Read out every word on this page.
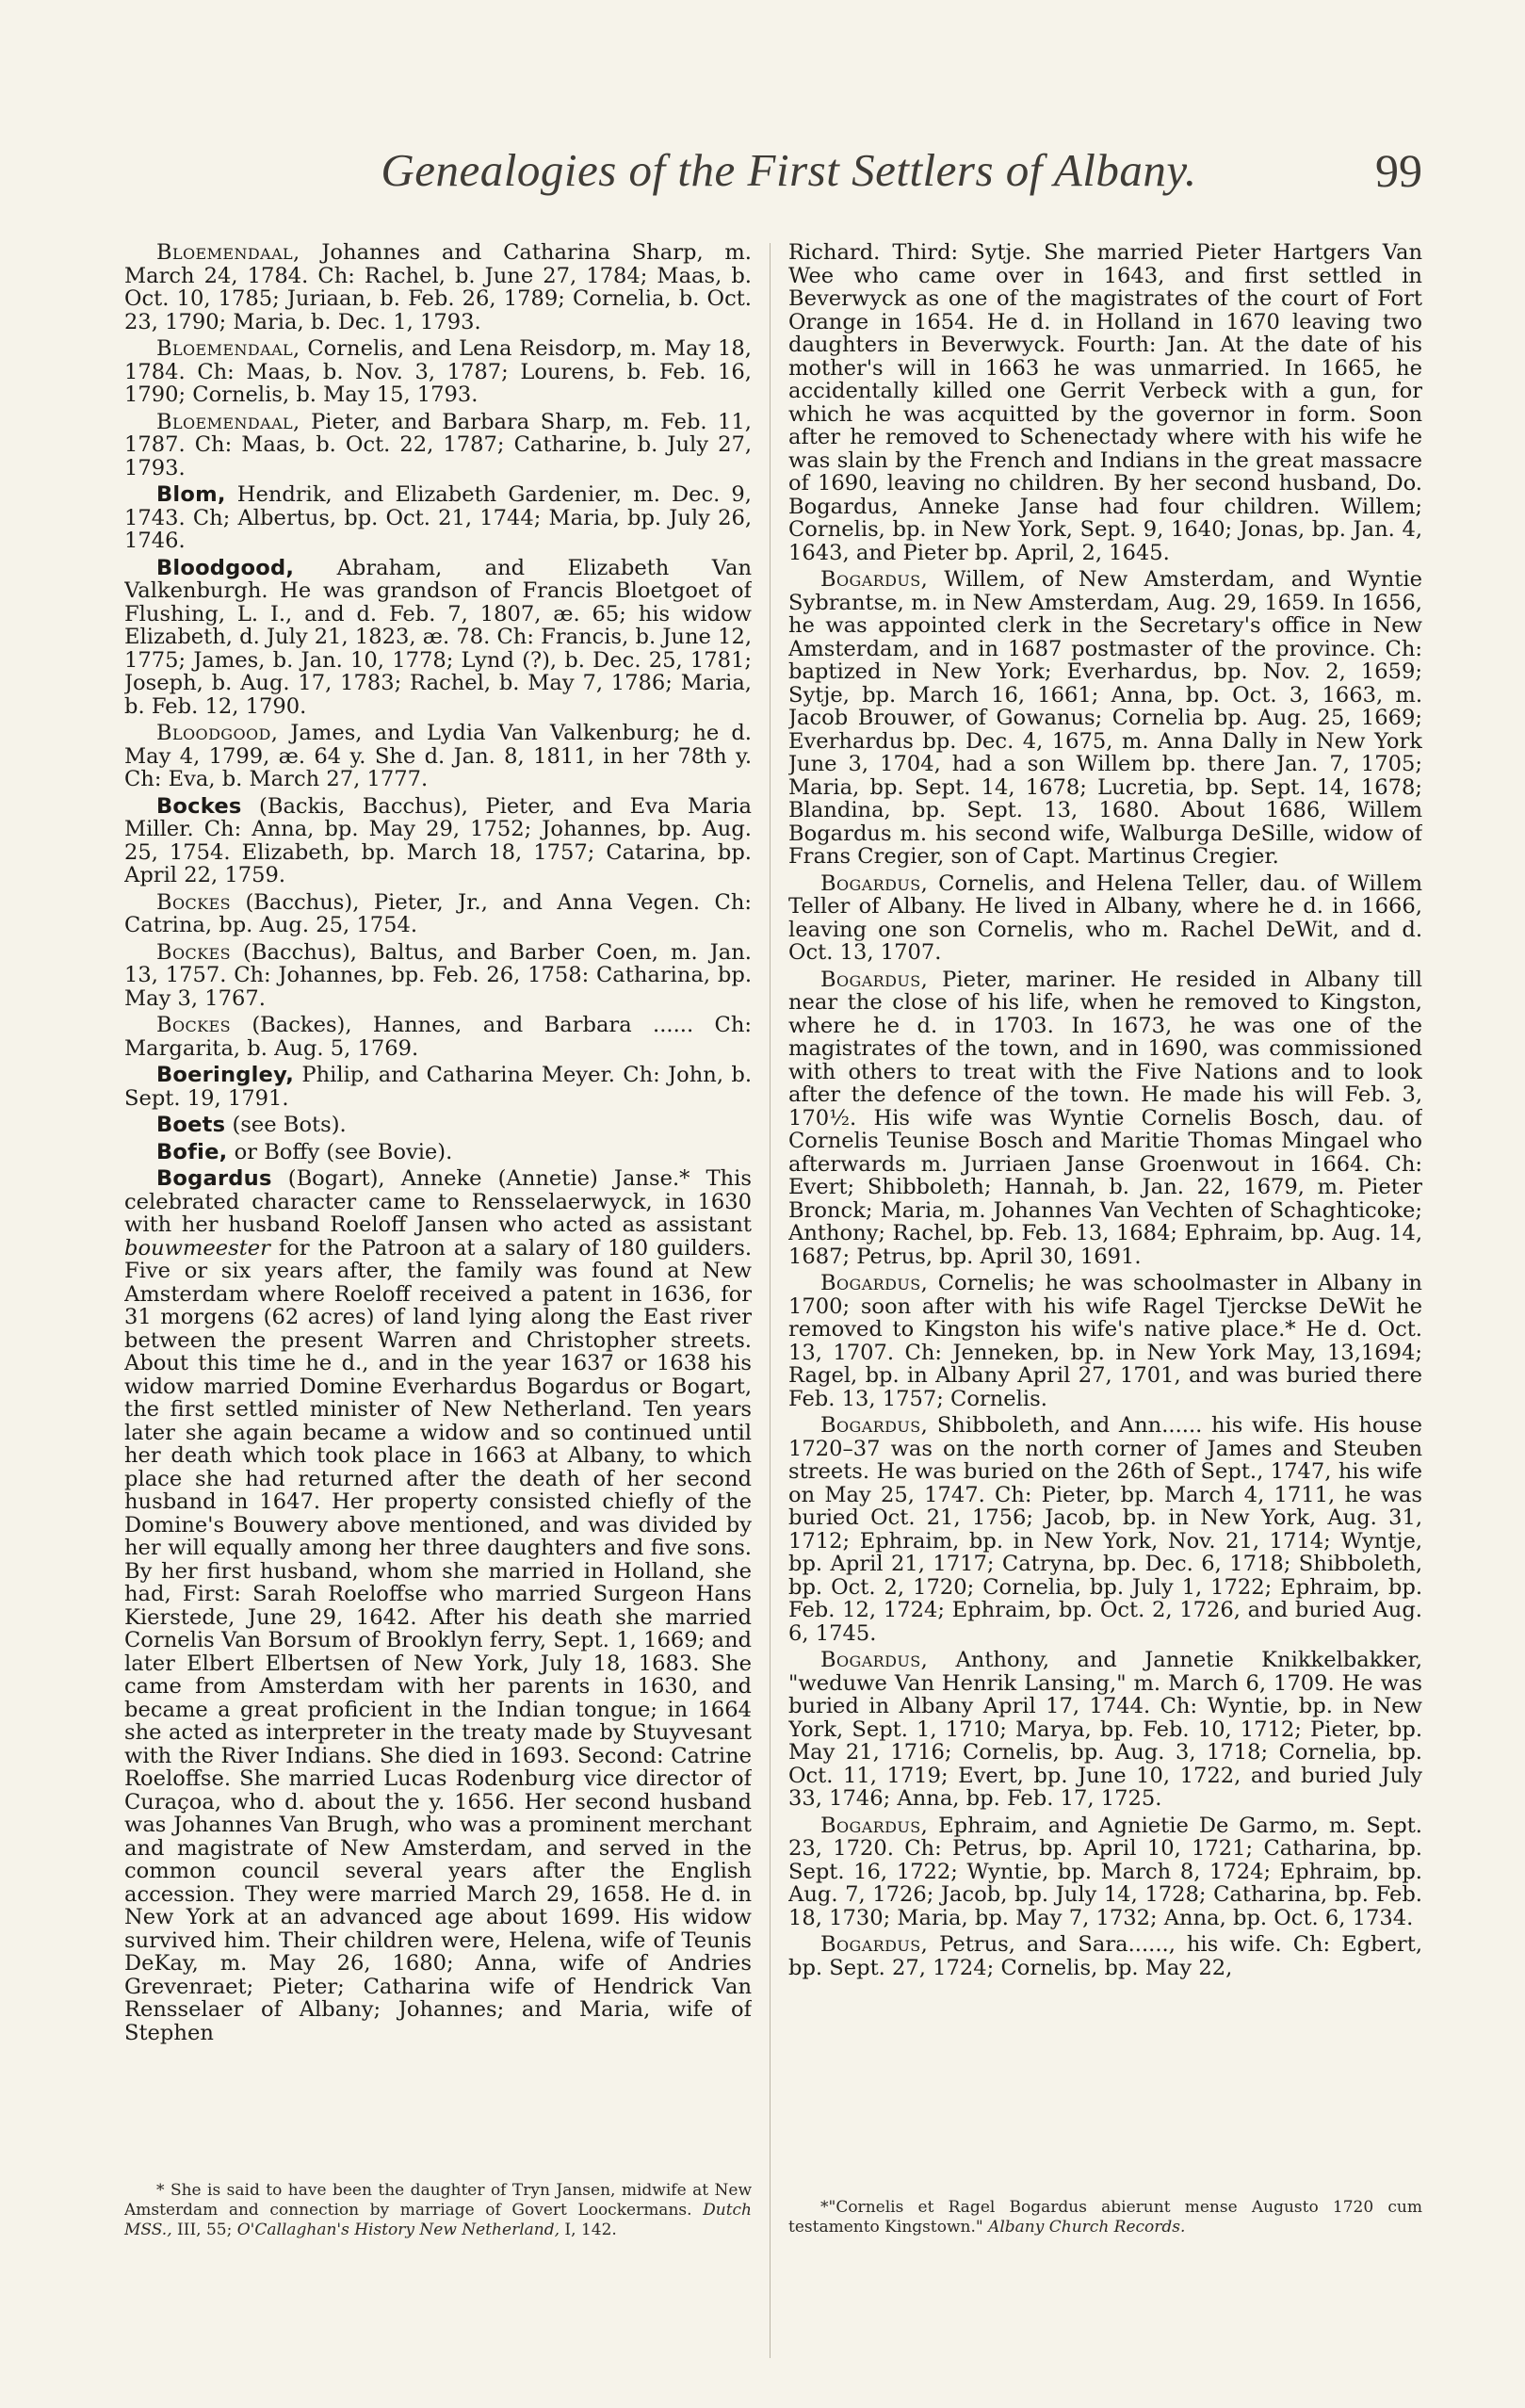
Genealogies of the First Settlers of Albany.	99

Bloemendaal, Johannes and Catharina Sharp, m. March 24, 1784. Ch: Rachel, b. June 27, 1784; Maas, b. Oct. 10, 1785; Juriaan, b. Feb. 26, 1789; Cornelia, b. Oct. 23, 1790; Maria, b. Dec. 1, 1793.

Bloemendaal, Cornelis, and Lena Reisdorp, m. May 18, 1784. Ch: Maas, b. Nov. 3, 1787; Lourens, b. Feb. 16, 1790; Cornelis, b. May 15, 1793.

Bloemendaal, Pieter, and Barbara Sharp, m. Feb. 11, 1787. Ch: Maas, b. Oct. 22, 1787; Catharine, b. July 27, 1793.

Blom, Hendrik, and Elizabeth Gardenier, m. Dec. 9, 1743. Ch; Albertus, bp. Oct. 21, 1744; Maria, bp. July 26, 1746.

Bloodgood, Abraham, and Elizabeth Van Valkenburgh. He was grandson of Francis Bloetgoet of Flushing, L. I., and d. Feb. 7, 1807, æ. 65; his widow Elizabeth, d. July 21, 1823, æ. 78. Ch: Francis, b. June 12, 1775; James, b. Jan. 10, 1778; Lynd (?), b. Dec. 25, 1781; Joseph, b. Aug. 17, 1783; Rachel, b. May 7, 1786; Maria, b. Feb. 12, 1790.

Bloodgood, James, and Lydia Van Valkenburg; he d. May 4, 1799, æ. 64 y. She d. Jan. 8, 1811, in her 78th y. Ch: Eva, b. March 27, 1777.

Bockes (Backis, Bacchus), Pieter, and Eva Maria Miller. Ch: Anna, bp. May 29, 1752; Johannes, bp. Aug. 25, 1754. Elizabeth, bp. March 18, 1757; Catarina, bp. April 22, 1759.

Bockes (Bacchus), Pieter, Jr., and Anna Vegen. Ch: Catrina, bp. Aug. 25, 1754.

Bockes (Bacchus), Baltus, and Barber Coen, m. Jan. 13, 1757. Ch: Johannes, bp. Feb. 26, 1758: Catharina, bp. May 3, 1767.

Bockes (Backes), Hannes, and Barbara ...... Ch: Margarita, b. Aug. 5, 1769.

Boeringley, Philip, and Catharina Meyer. Ch: John, b. Sept. 19, 1791.

Boets (see Bots).

Bofie, or Boffy (see Bovie).

Bogardus (Bogart), Anneke (Annetie) Janse.* This celebrated character came to Rensselaerwyck, in 1630 with her husband Roeloff Jansen who acted as assistant bouwmeester for the Patroon at a salary of 180 guilders. Five or six years after, the family was found at New Amsterdam where Roeloff received a patent in 1636, for 31 morgens (62 acres) of land lying along the East river between the present Warren and Christopher streets. About this time he d., and in the year 1637 or 1638 his widow married Domine Everhardus Bogardus or Bogart, the first settled minister of New Netherland. Ten years later she again became a widow and so continued until her death which took place in 1663 at Albany, to which place she had returned after the death of her second husband in 1647. Her property consisted chiefly of the Domine's Bouwery above mentioned, and was divided by her will equally among her three daughters and five sons. By her first husband, whom she married in Holland, she had, First: Sarah Roeloffse who married Surgeon Hans Kierstede, June 29, 1642. After his death she married Cornelis Van Borsum of Brooklyn ferry, Sept. 1, 1669; and later Elbert Elbertsen of New York, July 18, 1683. She came from Amsterdam with her parents in 1630, and became a great proficient in the Indian tongue; in 1664 she acted as interpreter in the treaty made by Stuyvesant with the River Indians. She died in 1693. Second: Catrine Roeloffse. She married Lucas Rodenburg vice director of Curaçoa, who d. about the y. 1656. Her second husband was Johannes Van Brugh, who was a prominent merchant and magistrate of New Amsterdam, and served in the common council several years after the English accession. They were married March 29, 1658. He d. in New York at an advanced age about 1699. His widow survived him. Their children were, Helena, wife of Teunis DeKay, m. May 26, 1680; Anna, wife of Andries Grevenraet; Pieter; Catharina wife of Hendrick Van Rensselaer of Albany; Johannes; and Maria, wife of Stephen

Richard. Third: Sytje. She married Pieter Hartgers Van Wee who came over in 1643, and first settled in Beverwyck as one of the magistrates of the court of Fort Orange in 1654. He d. in Holland in 1670 leaving two daughters in Beverwyck. Fourth: Jan. At the date of his mother's will in 1663 he was unmarried. In 1665, he accidentally killed one Gerrit Verbeck with a gun, for which he was acquitted by the governor in form. Soon after he removed to Schenectady where with his wife he was slain by the French and Indians in the great massacre of 1690, leaving no children. By her second husband, Do. Bogardus, Anneke Janse had four children. Willem; Cornelis, bp. in New York, Sept. 9, 1640; Jonas, bp. Jan. 4, 1643, and Pieter bp. April, 2, 1645.

Bogardus, Willem, of New Amsterdam, and Wyntie Sybrantse, m. in New Amsterdam, Aug. 29, 1659. In 1656, he was appointed clerk in the Secretary's office in New Amsterdam, and in 1687 postmaster of the province. Ch: baptized in New York; Everhardus, bp. Nov. 2, 1659; Sytje, bp. March 16, 1661; Anna, bp. Oct. 3, 1663, m. Jacob Brouwer, of Gowanus; Cornelia bp. Aug. 25, 1669; Everhardus bp. Dec. 4, 1675, m. Anna Dally in New York June 3, 1704, had a son Willem bp. there Jan. 7, 1705; Maria, bp. Sept. 14, 1678; Lucretia, bp. Sept. 14, 1678; Blandina, bp. Sept. 13, 1680. About 1686, Willem Bogardus m. his second wife, Walburga DeSille, widow of Frans Cregier, son of Capt. Martinus Cregier.

Bogardus, Cornelis, and Helena Teller, dau. of Willem Teller of Albany. He lived in Albany, where he d. in 1666, leaving one son Cornelis, who m. Rachel DeWit, and d. Oct. 13, 1707.

Bogardus, Pieter, mariner. He resided in Albany till near the close of his life, when he removed to Kingston, where he d. in 1703. In 1673, he was one of the magistrates of the town, and in 1690, was commissioned with others to treat with the Five Nations and to look after the defence of the town. He made his will Feb. 3, 170½. His wife was Wyntie Cornelis Bosch, dau. of Cornelis Teunise Bosch and Maritie Thomas Mingael who afterwards m. Jurriaen Janse Groenwout in 1664. Ch: Evert; Shibboleth; Hannah, b. Jan. 22, 1679, m. Pieter Bronck; Maria, m. Johannes Van Vechten of Schaghticoke; Anthony; Rachel, bp. Feb. 13, 1684; Ephraim, bp. Aug. 14, 1687; Petrus, bp. April 30, 1691.

Bogardus, Cornelis; he was schoolmaster in Albany in 1700; soon after with his wife Ragel Tjerckse DeWit he removed to Kingston his wife's native place.* He d. Oct. 13, 1707. Ch: Jenneken, bp. in New York May, 13,1694; Ragel, bp. in Albany April 27, 1701, and was buried there Feb. 13, 1757; Cornelis.

Bogardus, Shibboleth, and Ann...... his wife. His house 1720–37 was on the north corner of James and Steuben streets. He was buried on the 26th of Sept., 1747, his wife on May 25, 1747. Ch: Pieter, bp. March 4, 1711, he was buried Oct. 21, 1756; Jacob, bp. in New York, Aug. 31, 1712; Ephraim, bp. in New York, Nov. 21, 1714; Wyntje, bp. April 21, 1717; Catryna, bp. Dec. 6, 1718; Shibboleth, bp. Oct. 2, 1720; Cornelia, bp. July 1, 1722; Ephraim, bp. Feb. 12, 1724; Ephraim, bp. Oct. 2, 1726, and buried Aug. 6, 1745.

Bogardus, Anthony, and Jannetie Knikkelbakker, "weduwe Van Henrik Lansing," m. March 6, 1709. He was buried in Albany April 17, 1744. Ch: Wyntie, bp. in New York, Sept. 1, 1710; Marya, bp. Feb. 10, 1712; Pieter, bp. May 21, 1716; Cornelis, bp. Aug. 3, 1718; Cornelia, bp. Oct. 11, 1719; Evert, bp. June 10, 1722, and buried July 33, 1746; Anna, bp. Feb. 17, 1725.

Bogardus, Ephraim, and Agnietie De Garmo, m. Sept. 23, 1720. Ch: Petrus, bp. April 10, 1721; Catharina, bp. Sept. 16, 1722; Wyntie, bp. March 8, 1724; Ephraim, bp. Aug. 7, 1726; Jacob, bp. July 14, 1728; Catharina, bp. Feb. 18, 1730; Maria, bp. May 7, 1732; Anna, bp. Oct. 6, 1734.

Bogardus, Petrus, and Sara......, his wife. Ch: Egbert, bp. Sept. 27, 1724; Cornelis, bp. May 22,

* She is said to have been the daughter of Tryn Jansen, midwife at New Amsterdam and connection by marriage of Govert Loockermans. Dutch MSS., III, 55; O'Callaghan's History New Netherland, I, 142.
*"Cornelis et Ragel Bogardus abierunt mense Augusto 1720 cum testamento Kingstown." Albany Church Records.
